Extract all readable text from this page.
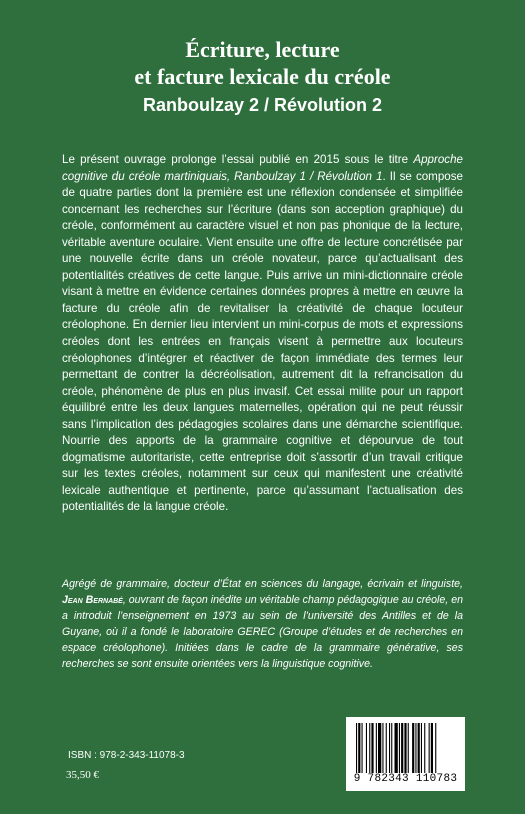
Écriture, lecture
et facture lexicale du créole
Ranboulzay 2 / Révolution 2
Le présent ouvrage prolonge l’essai publié en 2015 sous le titre Approche cognitive du créole martiniquais, Ranboulzay 1 / Révolution 1. Il se compose de quatre parties dont la première est une réflexion condensée et simplifiée concernant les recherches sur l’écriture (dans son acception graphique) du créole, conformément au caractère visuel et non pas phonique de la lecture, véritable aventure oculaire. Vient ensuite une offre de lecture concrétisée par une nouvelle écrite dans un créole novateur, parce qu’actualisant des potentialités créatives de cette langue. Puis arrive un mini-dictionnaire créole visant à mettre en évidence certaines données propres à mettre en œuvre la facture du créole afin de revitaliser la créativité de chaque locuteur créolophone. En dernier lieu intervient un mini-corpus de mots et expressions créoles dont les entrées en français visent à permettre aux locuteurs créolophones d’intégrer et réactiver de façon immédiate des termes leur permettant de contrer la décréolisation, autrement dit la refrancisation du créole, phénomène de plus en plus invasif. Cet essai milite pour un rapport équilibré entre les deux langues maternelles, opération qui ne peut réussir sans l’implication des pédagogies scolaires dans une démarche scientifique. Nourrie des apports de la grammaire cognitive et dépourvue de tout dogmatisme autoritariste, cette entreprise doit s’assortir d’un travail critique sur les textes créoles, notamment sur ceux qui manifestent une créativité lexicale authentique et pertinente, parce qu’assumant l’actualisation des potentialités de la langue créole.
Agrégé de grammaire, docteur d’État en sciences du langage, écrivain et linguiste, Jean Bernabé, ouvrant de façon inédite un véritable champ pédagogique au créole, en a introduit l’enseignement en 1973 au sein de l’université des Antilles et de la Guyane, où il a fondé le laboratoire GEREC (Groupe d’études et de recherches en espace créolophone). Initiées dans le cadre de la grammaire générative, ses recherches se sont ensuite orientées vers la linguistique cognitive.
ISBN : 978-2-343-11078-3
35,50 €	9 782343 110783
